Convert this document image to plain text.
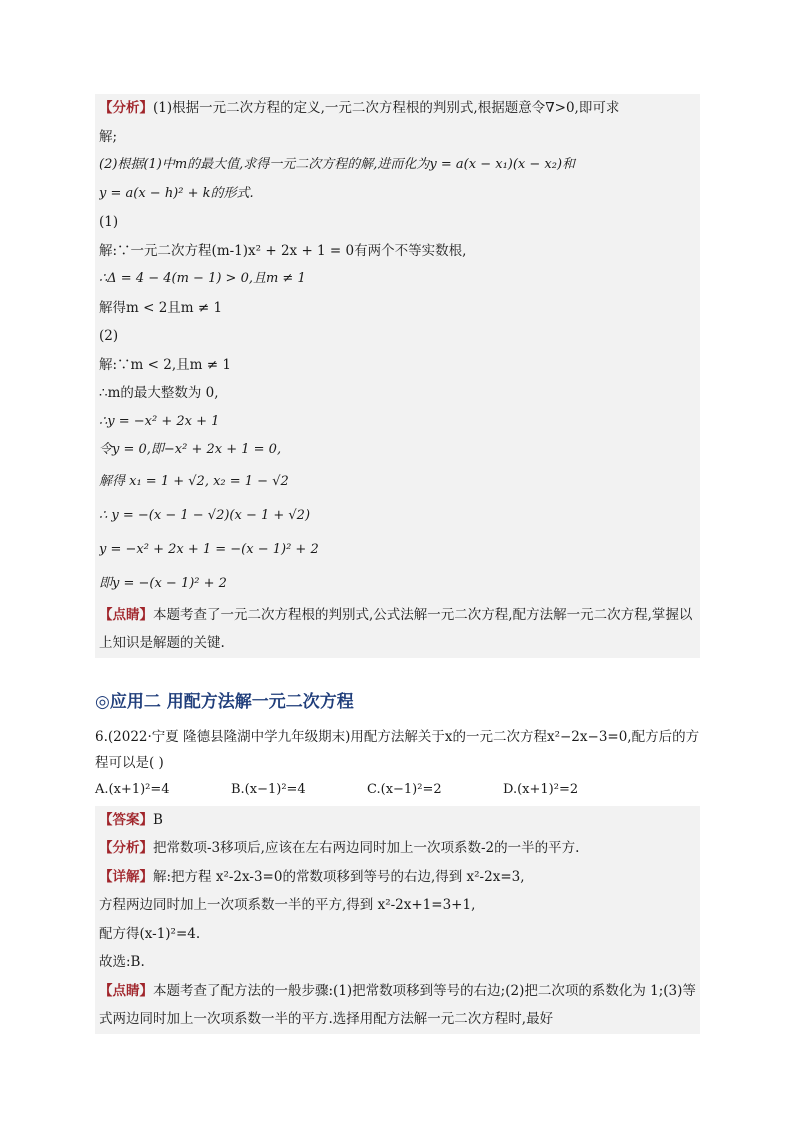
【分析】(1)根据一元二次方程的定义,一元二次方程根的判别式,根据题意令∇>0,即可求
解;
(2)根据(1)中m的最大值,求得一元二次方程的解,进而化为y = a(x − x₁)(x − x₂)和
y = a(x − h)² + k的形式.
(1)
解:∵一元二次方程(m-1)x² + 2x + 1 = 0有两个不等实数根,
∴Δ = 4 − 4(m − 1) > 0,且m ≠ 1
解得m < 2且m ≠ 1
(2)
解:∵m < 2,且m ≠ 1
∴m的最大整数为 0,
∴y = −x² + 2x + 1
令y = 0,即−x² + 2x + 1 = 0,
解得 x₁ = 1 + √2, x₂ = 1 − √2
∴ y = −(x − 1 − √2)(x − 1 + √2)
y = −x² + 2x + 1 = −(x − 1)² + 2
即y = −(x − 1)² + 2
【点睛】本题考查了一元二次方程根的判别式,公式法解一元二次方程,配方法解一元二次方程,掌握以上知识是解题的关键.
◎应用二 用配方法解一元二次方程
6.(2022·宁夏 隆德县隆湖中学九年级期末)用配方法解关于x的一元二次方程x²−2x−3=0,配方后的方程可以是( )
A.(x+1)²=4	B.(x−1)²=4	C.(x−1)²=2	D.(x+1)²=2
【答案】B
【分析】把常数项-3移项后,应该在左右两边同时加上一次项系数-2的一半的平方.
【详解】解:把方程 x²-2x-3=0的常数项移到等号的右边,得到 x²-2x=3,
方程两边同时加上一次项系数一半的平方,得到 x²-2x+1=3+1,
配方得(x-1)²=4.
故选:B.
【点睛】本题考查了配方法的一般步骤:(1)把常数项移到等号的右边;(2)把二次项的系数化为 1;(3)等式两边同时加上一次项系数一半的平方.选择用配方法解一元二次方程时,最好
